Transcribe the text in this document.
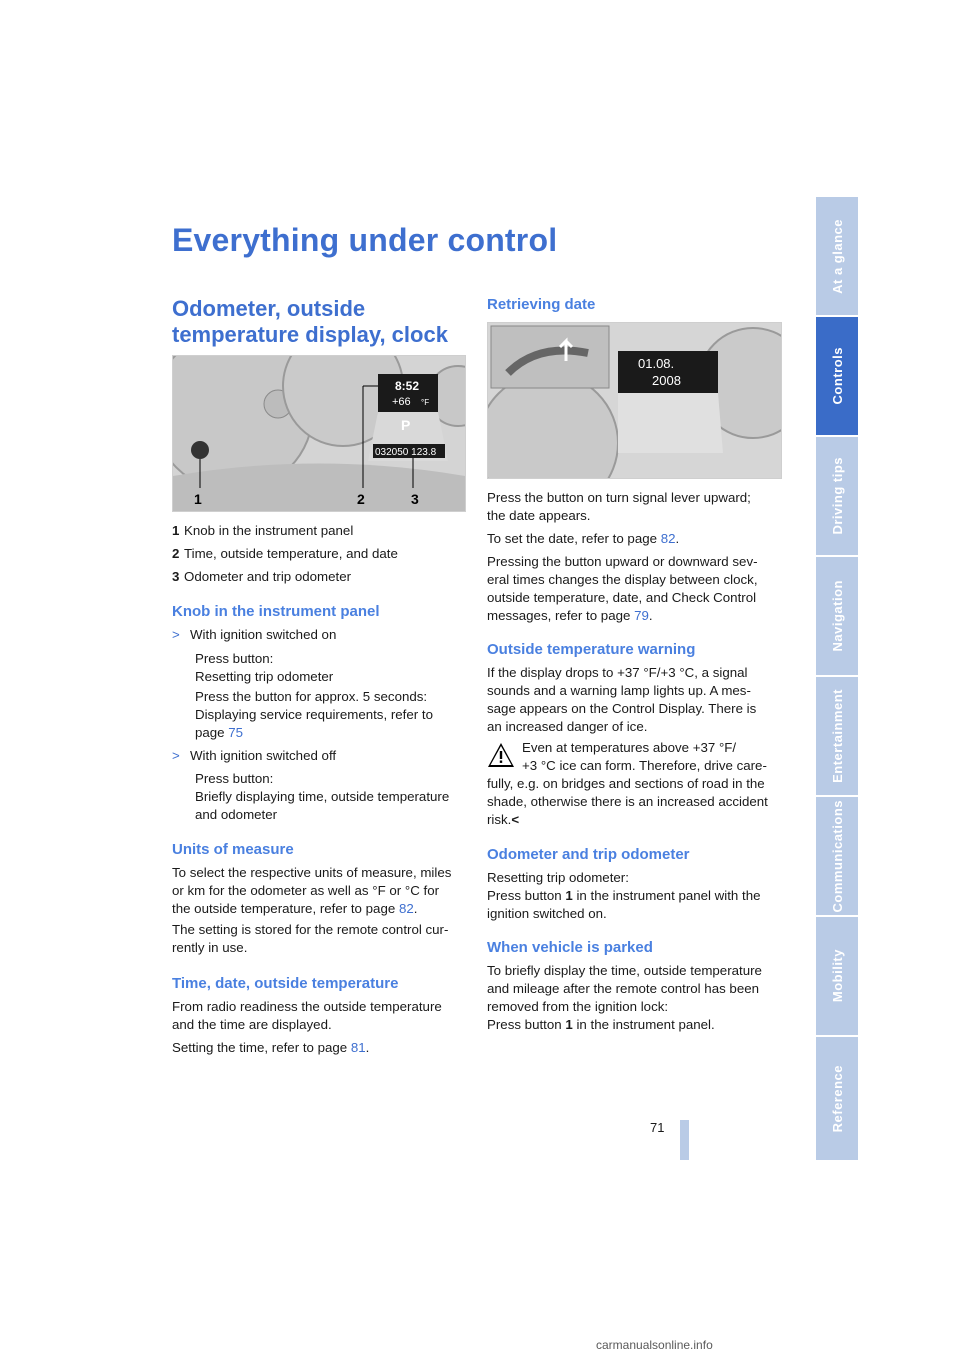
Everything under control
Odometer, outside
temperature display, clock
8:52
+66 °F
P
032050 123.8
1	2	3

1 Knob in the instrument panel

2 Time, outside temperature, and date

3 Odometer and trip odometer

Knob in the instrument panel

> With ignition switched on

Press button:
Resetting trip odometer

Press the button for approx. 5 seconds:
Displaying service requirements, refer to
page 75

> With ignition switched off

Press button:
Briefly displaying time, outside temperature
and odometer

Units of measure

To select the respective units of measure, miles
or km for the odometer as well as °F or °C for
the outside temperature, refer to page 82.

The setting is stored for the remote control cur-
rently in use.

Time, date, outside temperature

From radio readiness the outside temperature
and the time are displayed.

Setting the time, refer to page 81.

Retrieving date
01.08.
2008

Press the button on turn signal lever upward;
the date appears.

To set the date, refer to page 82.

Pressing the button upward or downward sev-
eral times changes the display between clock,
outside temperature, date, and Check Control
messages, refer to page 79.

Outside temperature warning

If the display drops to +37 °F/+3 °C, a signal
sounds and a warning lamp lights up. A mes-
sage appears on the Control Display. There is
an increased danger of ice.

Even at temperatures above +37 °F/
+3 °C ice can form. Therefore, drive care-

fully, e.g. on bridges and sections of road in the
shade, otherwise there is an increased accident
risk.<

Odometer and trip odometer

Resetting trip odometer:
Press button 1 in the instrument panel with the
ignition switched on.

When vehicle is parked

To briefly display the time, outside temperature
and mileage after the remote control has been
removed from the ignition lock:
Press button 1 in the instrument panel.

At a glance
Controls
Driving tips
Navigation
Entertainment
Communications
Mobility
Reference
71
carmanualsonline.info
